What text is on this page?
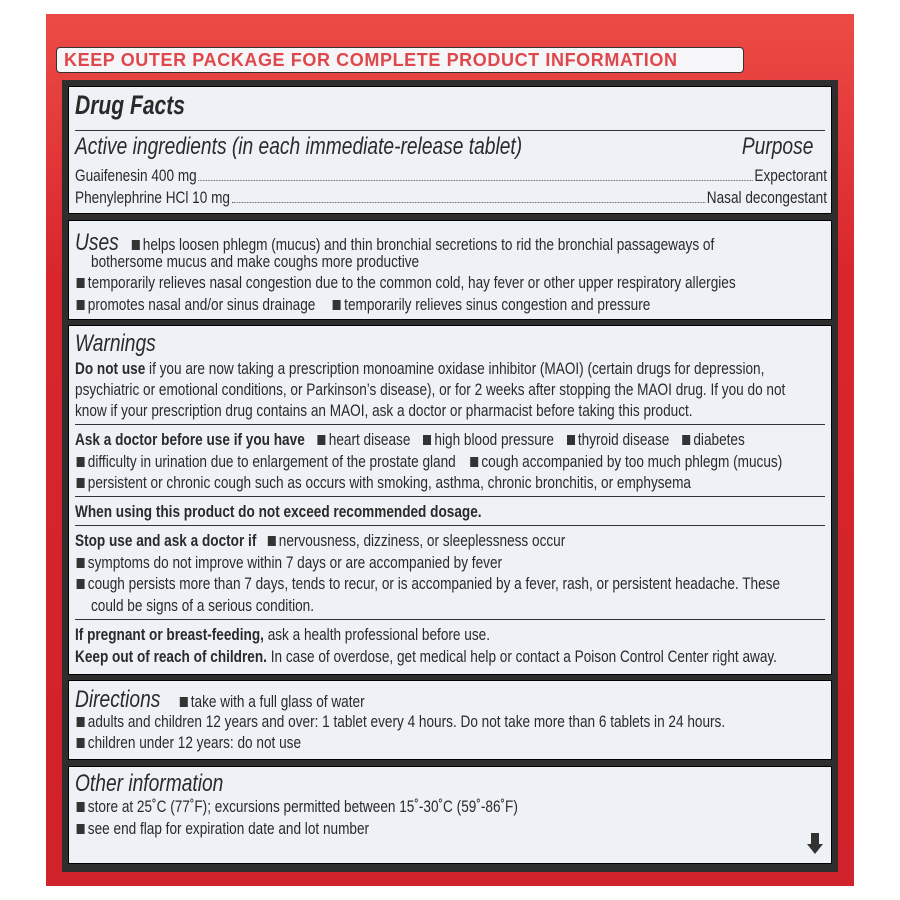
KEEP OUTER PACKAGE FOR COMPLETE PRODUCT INFORMATION
Drug Facts
Active ingredients (in each immediate-release tablet)	Purpose
Guaifenesin 400 mg	Expectorant
Phenylephrine HCl 10 mg	Nasal decongestant
Uses helps loosen phlegm (mucus) and thin bronchial secretions to rid the bronchial passageways of
bothersome mucus and make coughs more productive
temporarily relieves nasal congestion due to the common cold, hay fever or other upper respiratory allergies
promotes nasal and/or sinus drainage temporarily relieves sinus congestion and pressure
Warnings
Do not use if you are now taking a prescription monoamine oxidase inhibitor (MAOI) (certain drugs for depression,
psychiatric or emotional conditions, or Parkinson’s disease), or for 2 weeks after stopping the MAOI drug. If you do not
know if your prescription drug contains an MAOI, ask a doctor or pharmacist before taking this product.
Ask a doctor before use if you have heart disease high blood pressure thyroid disease diabetes
difficulty in urination due to enlargement of the prostate gland cough accompanied by too much phlegm (mucus)
persistent or chronic cough such as occurs with smoking, asthma, chronic bronchitis, or emphysema
When using this product do not exceed recommended dosage.
Stop use and ask a doctor if nervousness, dizziness, or sleeplessness occur
symptoms do not improve within 7 days or are accompanied by fever
cough persists more than 7 days, tends to recur, or is accompanied by a fever, rash, or persistent headache. These
could be signs of a serious condition.
If pregnant or breast-feeding, ask a health professional before use.
Keep out of reach of children. In case of overdose, get medical help or contact a Poison Control Center right away.
Directions take with a full glass of water
adults and children 12 years and over: 1 tablet every 4 hours. Do not take more than 6 tablets in 24 hours.
children under 12 years: do not use
Other information
store at 25˚C (77˚F); excursions permitted between 15˚-30˚C (59˚-86˚F)
see end flap for expiration date and lot number
